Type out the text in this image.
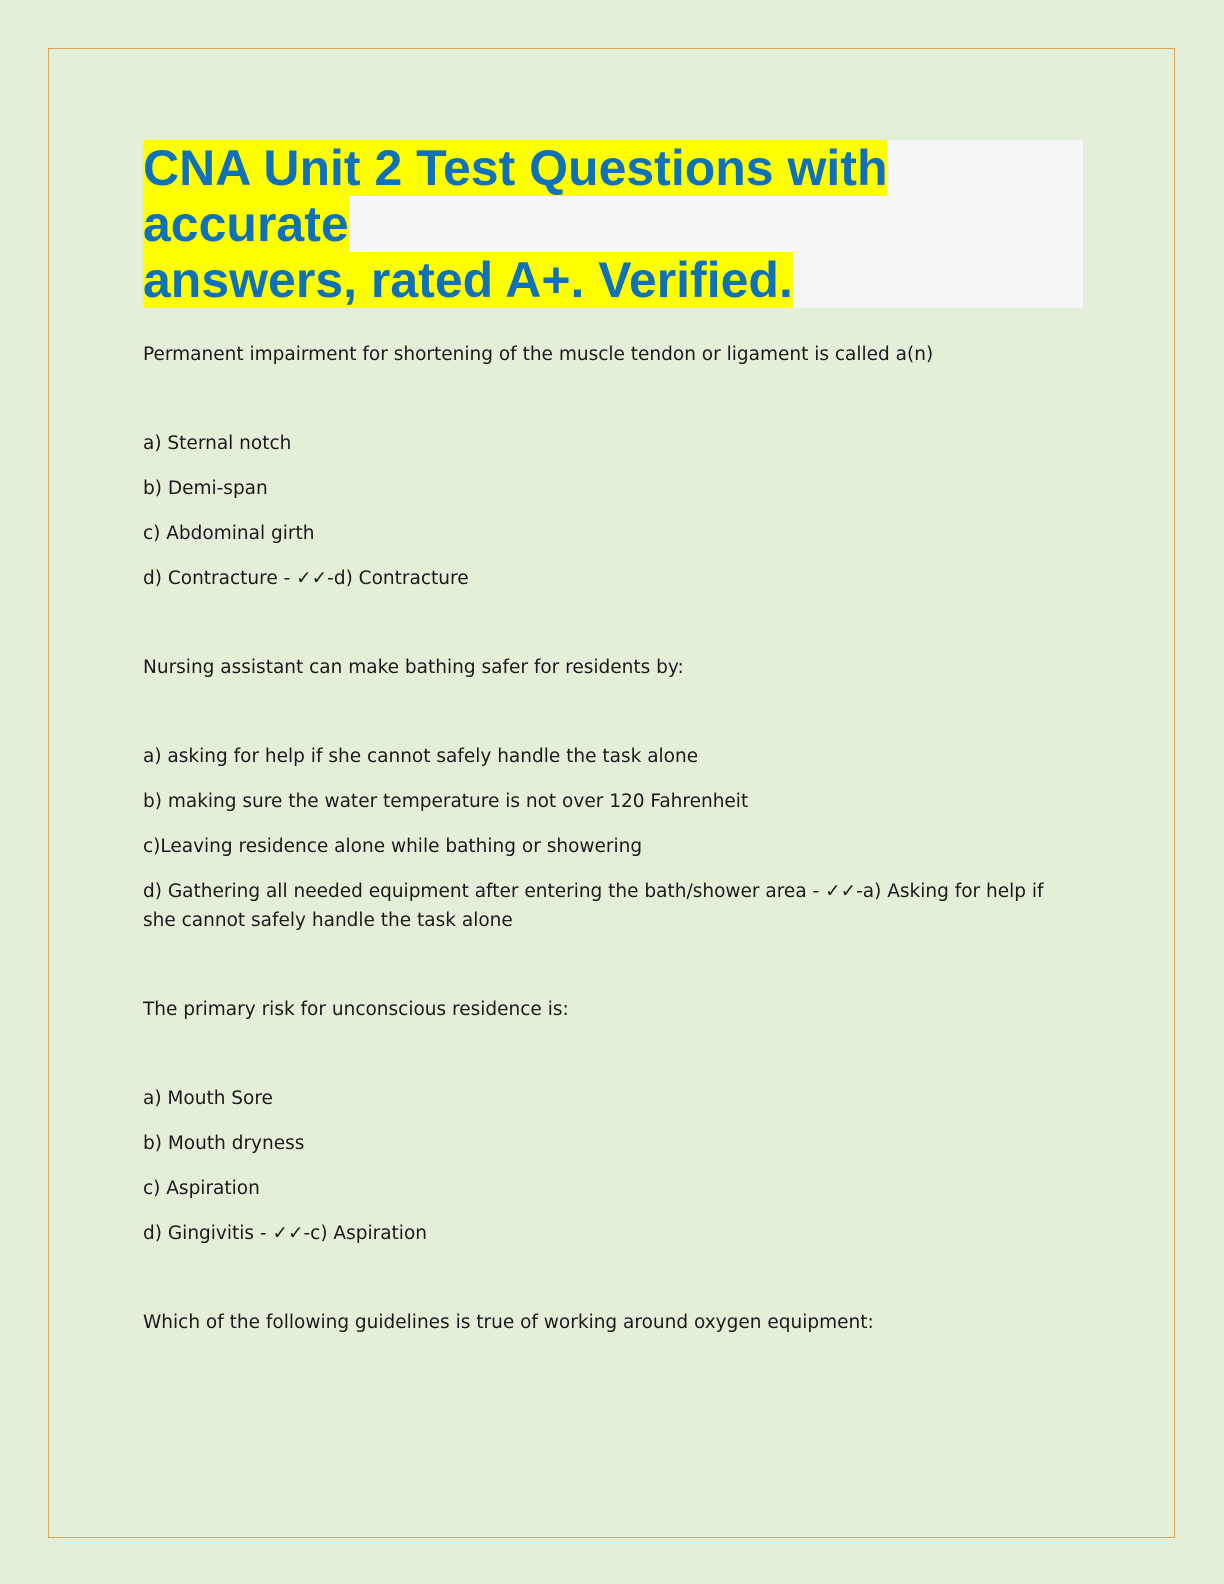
CNA Unit 2 Test Questions with accurate
answers, rated A+. Verified.

Permanent impairment for shortening of the muscle tendon or ligament is called a(n)

a) Sternal notch

b) Demi-span

c) Abdominal girth

d) Contracture - ✓✓-d) Contracture

Nursing assistant can make bathing safer for residents by:

a) asking for help if she cannot safely handle the task alone

b) making sure the water temperature is not over 120 Fahrenheit

c)Leaving residence alone while bathing or showering

d) Gathering all needed equipment after entering the bath/shower area - ✓✓-a) Asking for help if she cannot safely handle the task alone

The primary risk for unconscious residence is:

a) Mouth Sore

b) Mouth dryness

c) Aspiration

d) Gingivitis - ✓✓-c) Aspiration

Which of the following guidelines is true of working around oxygen equipment:
